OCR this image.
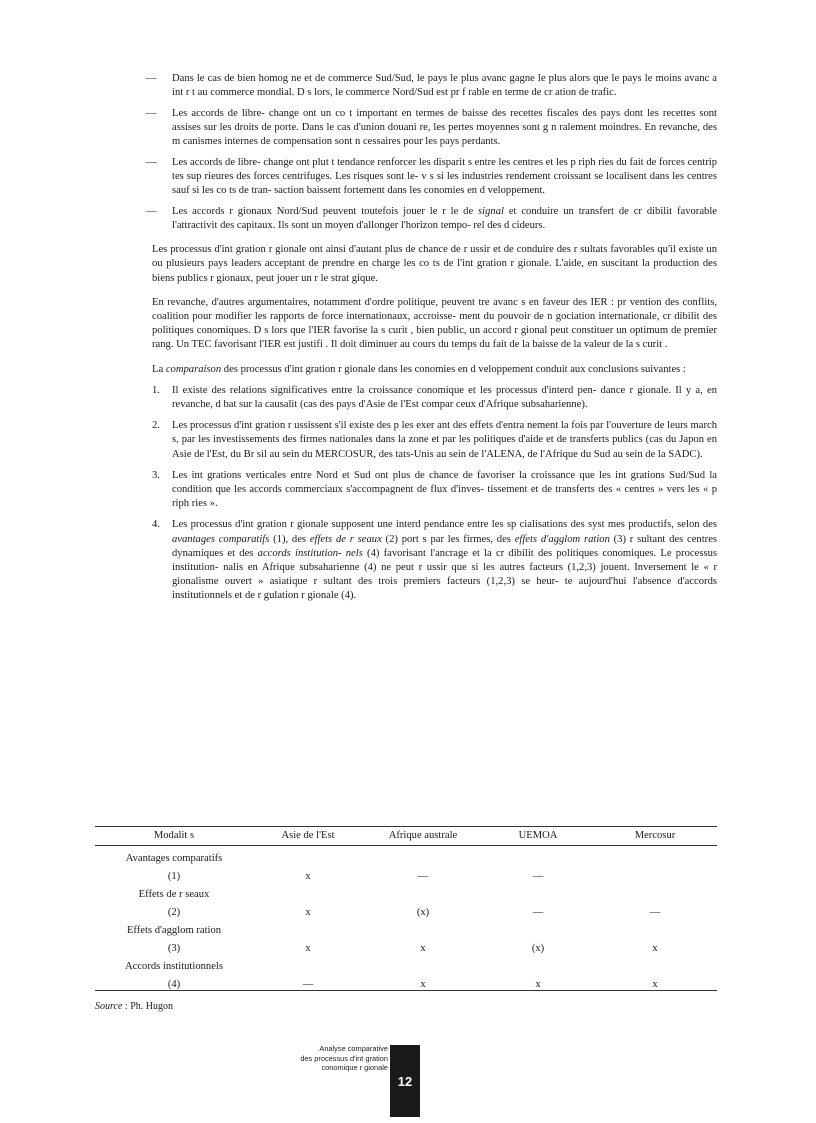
— Dans le cas de bien homog ne et de commerce Sud/Sud, le pays le plus avanc gagne le plus alors que le pays le moins avanc a int r t au commerce mondial. D s lors, le commerce Nord/Sud est pr f rable en terme de cr ation de trafic.
— Les accords de libre- change ont un co t important en termes de baisse des recettes fiscales des pays dont les recettes sont assises sur les droits de porte. Dans le cas d'union douani re, les pertes moyennes sont g n ralement moindres. En revanche, des m canismes internes de compensation sont n cessaires pour les pays perdants.
— Les accords de libre- change ont plut t tendance renforcer les disparit s entre les centres et les p riph ries du fait de forces centrip tes sup rieures des forces centrifuges. Les risques sont le- v s si les industries rendement croissant se localisent dans les centres sauf si les co ts de tran- saction baissent fortement dans les conomies en d veloppement.
— Les accords r gionaux Nord/Sud peuvent toutefois jouer le r le de signal et conduire un transfert de cr dibilit favorable l'attractivit des capitaux. Ils sont un moyen d'allonger l'horizon tempo- rel des d cideurs.

Les processus d'int gration r gionale ont ainsi d'autant plus de chance de r ussir et de conduire des r sultats favorables qu'il existe un ou plusieurs pays leaders acceptant de prendre en charge les co ts de l'int gration r gionale. L'aide, en suscitant la production des biens publics r gionaux, peut jouer un r le strat gique.

En revanche, d'autres argumentaires, notamment d'ordre politique, peuvent tre avanc s en faveur des IER : pr vention des conflits, coalition pour modifier les rapports de force internationaux, accroisse- ment du pouvoir de n gociation internationale, cr dibilit des politiques conomiques. D s lors que l'IER favorise la s curit , bien public, un accord r gional peut constituer un optimum de premier rang. Un TEC favorisant l'IER est justifi . Il doit diminuer au cours du temps du fait de la baisse de la valeur de la s curit .

La comparaison des processus d'int gration r gionale dans les conomies en d veloppement conduit aux conclusions suivantes :

1. Il existe des relations significatives entre la croissance conomique et les processus d'interd pen- dance r gionale. Il y a, en revanche, d bat sur la causalit (cas des pays d'Asie de l'Est compar ceux d'Afrique subsaharienne).
2. Les processus d'int gration r ussissent s'il existe des p les exer ant des effets d'entra nement la fois par l'ouverture de leurs march s, par les investissements des firmes nationales dans la zone et par les politiques d'aide et de transferts publics (cas du Japon en Asie de l'Est, du Br sil au sein du MERCOSUR, des tats-Unis au sein de l'ALENA, de l'Afrique du Sud au sein de la SADC).
3. Les int grations verticales entre Nord et Sud ont plus de chance de favoriser la croissance que les int grations Sud/Sud la condition que les accords commerciaux s'accompagnent de flux d'inves- tissement et de transferts des « centres » vers les « p riph ries ».
4. Les processus d'int gration r gionale supposent une interd pendance entre les sp cialisations des syst mes productifs, selon des avantages comparatifs (1), des effets de r seaux (2) port s par les firmes, des effets d'agglom ration (3) r sultant des centres dynamiques et des accords institution- nels (4) favorisant l'ancrage et la cr dibilit des politiques conomiques. Le processus institution- nalis en Afrique subsaharienne (4) ne peut r ussir que si les autres facteurs (1,2,3) jouent. Inversement le « r gionalisme ouvert » asiatique r sultant des trois premiers facteurs (1,2,3) se heur- te aujourd'hui l'absence d'accords institutionnels et de r gulation r gionale (4).
Modalit s	Asie de l'Est	Afrique australe	UEMOA	Mercosur
Avantages comparatifs				
(1)	x	—	—	
Effets de r seaux				
(2)	x	(x)	—	—
Effets d'agglom ration				
(3)	x	x	(x)	x
Accords institutionnels				
(4)	—	x	x	x
Source : Ph. Hugon
Analyse comparative
des processus d'int gration
conomique r gionale
12
